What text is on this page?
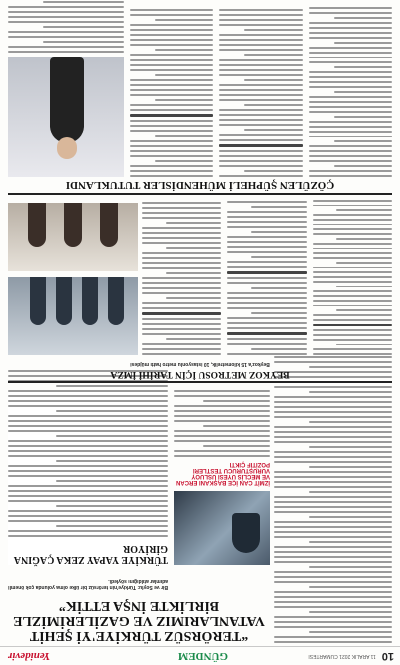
10
11 ARALIK 2021 CUMARTESI
GÜNDEM
Yenidevir
“TERÖRSÜZ TÜRKİYE'Yİ ŞEHİT VATANLARIMIZ VE GAZİLERİMİZLE BİRLİKTE İNŞA ETTİK”
Bir ve Soylu: Türkiye'nin terörsüz bir ülke olma yolunda çok önemli adımlar atıldığını söyledi.
TÜRKİYE YAPAY ZEKA ÇAĞINA GİRİYOR
İZMİT CAN İCE BAŞKANI ERCAN VE MECLİS ÜYESİ USLUOY VURUSTURUCU TESTLERİ POZİTİF ÇIKTI
BEYKOZ METROSU İÇİN TARİHİ İMZA
Beykoz'a 15 kilometrelik, 10 istasyonlu metro hattı müjdesi
ÇÖZÜLEN ŞÜPHELİ MÜHENDİSLER TUTUKLANDI
